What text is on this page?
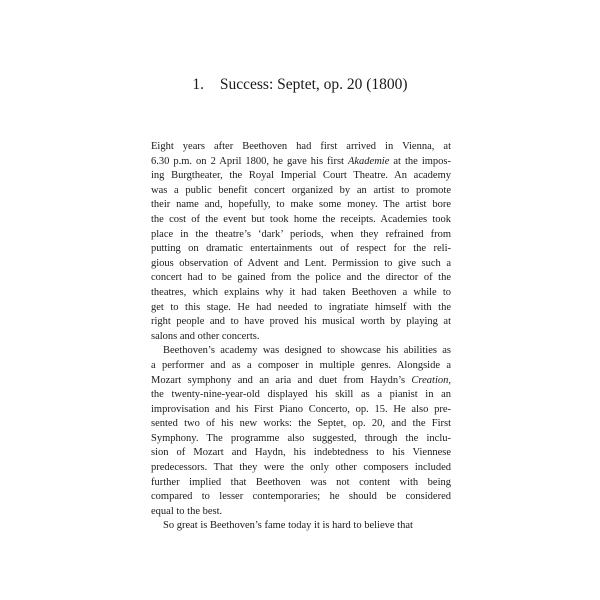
1. Success: Septet, op. 20 (1800)
Eight years after Beethoven had first arrived in Vienna, at
6.30 p.m. on 2 April 1800, he gave his first Akademie at the impos-
ing Burgtheater, the Royal Imperial Court Theatre. An academy
was a public benefit concert organized by an artist to promote
their name and, hopefully, to make some money. The artist bore
the cost of the event but took home the receipts. Academies took
place in the theatre’s ‘dark’ periods, when they refrained from
putting on dramatic entertainments out of respect for the reli-
gious observation of Advent and Lent. Permission to give such a
concert had to be gained from the police and the director of the
theatres, which explains why it had taken Beethoven a while to
get to this stage. He had needed to ingratiate himself with the
right people and to have proved his musical worth by playing at
salons and other concerts.
Beethoven’s academy was designed to showcase his abilities as
a performer and as a composer in multiple genres. Alongside a
Mozart symphony and an aria and duet from Haydn’s Creation,
the twenty-nine-year-old displayed his skill as a pianist in an
improvisation and his First Piano Concerto, op. 15. He also pre-
sented two of his new works: the Septet, op. 20, and the First
Symphony. The programme also suggested, through the inclu-
sion of Mozart and Haydn, his indebtedness to his Viennese
predecessors. That they were the only other composers included
further implied that Beethoven was not content with being
compared to lesser contemporaries; he should be considered
equal to the best.
So great is Beethoven’s fame today it is hard to believe that
